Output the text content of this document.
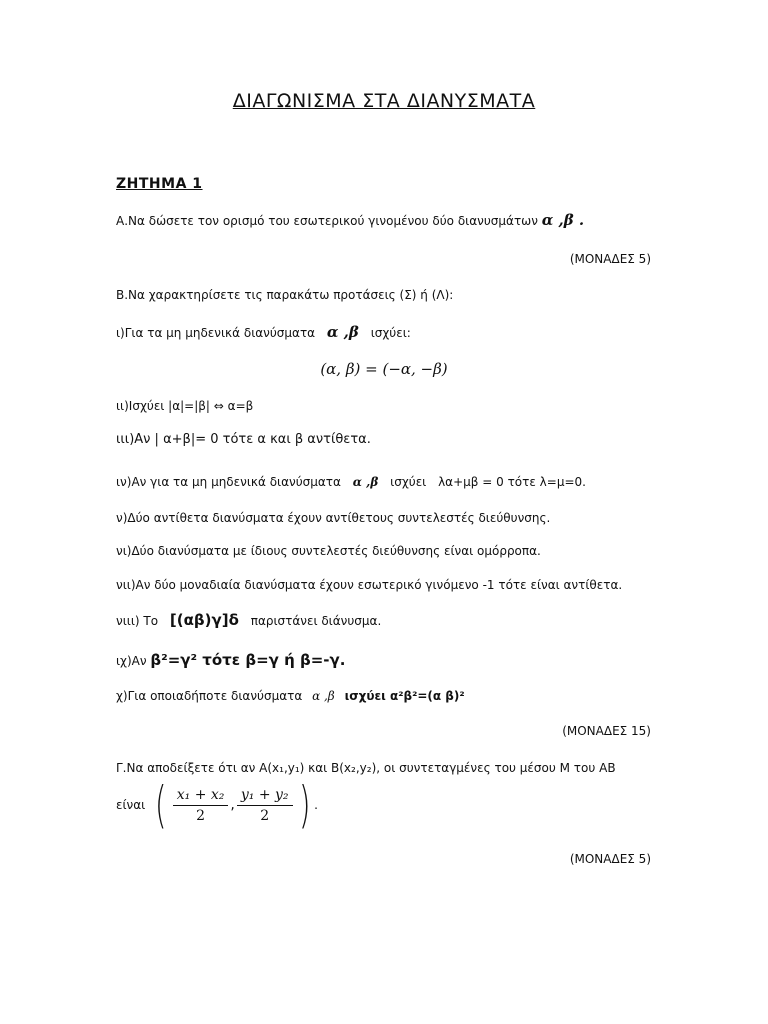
ΔΙΑΓΩΝΙΣΜΑ ΣΤΑ ΔΙΑΝΥΣΜΑΤΑ
ΖΗΤΗΜΑ 1
Α.Να δώσετε τον ορισμό του εσωτερικού γινομένου δύο διανυσμάτων α ,β .
(ΜΟΝΑΔΕΣ 5)
Β.Να χαρακτηρίσετε τις παρακάτω προτάσεις (Σ) ή (Λ):
ι)Για τα μη μηδενικά διανύσματα α ,β ισχύει:
(α, β) = (−α, −β)
ιι)Ισχύει |α|=|β| ⇔ α=β
ιιι)Αν | α+β|= 0 τότε α και β αντίθετα.
ιν)Αν για τα μη μηδενικά διανύσματα α ,β ισχύει λα+μβ = 0 τότε λ=μ=0.
ν)Δύο αντίθετα διανύσματα έχουν αντίθετους συντελεστές διεύθυνσης.
νι)Δύο διανύσματα με ίδιους συντελεστές διεύθυνσης είναι ομόρροπα.
νιι)Αν δύο μοναδιαία διανύσματα έχουν εσωτερικό γινόμενο -1 τότε είναι αντίθετα.
νιιι) Το [(αβ)γ]δ παριστάνει διάνυσμα.
ιχ)Αν β²=γ² τότε β=γ ή β=-γ.
χ)Για οποιαδήποτε διανύσματα α ,β ισχύει α²β²=(α β)²
(ΜΟΝΑΔΕΣ 15)
Γ.Να αποδείξετε ότι αν Α(x₁,y₁) και Β(x₂,y₂), οι συντεταγμένες του μέσου Μ του ΑΒ
είναι ( $\frac{\text{x₁ + x₂}}{2}$ , $\frac{\text{y₁ + y₂}}{2}$ ) .
(ΜΟΝΑΔΕΣ 5)
